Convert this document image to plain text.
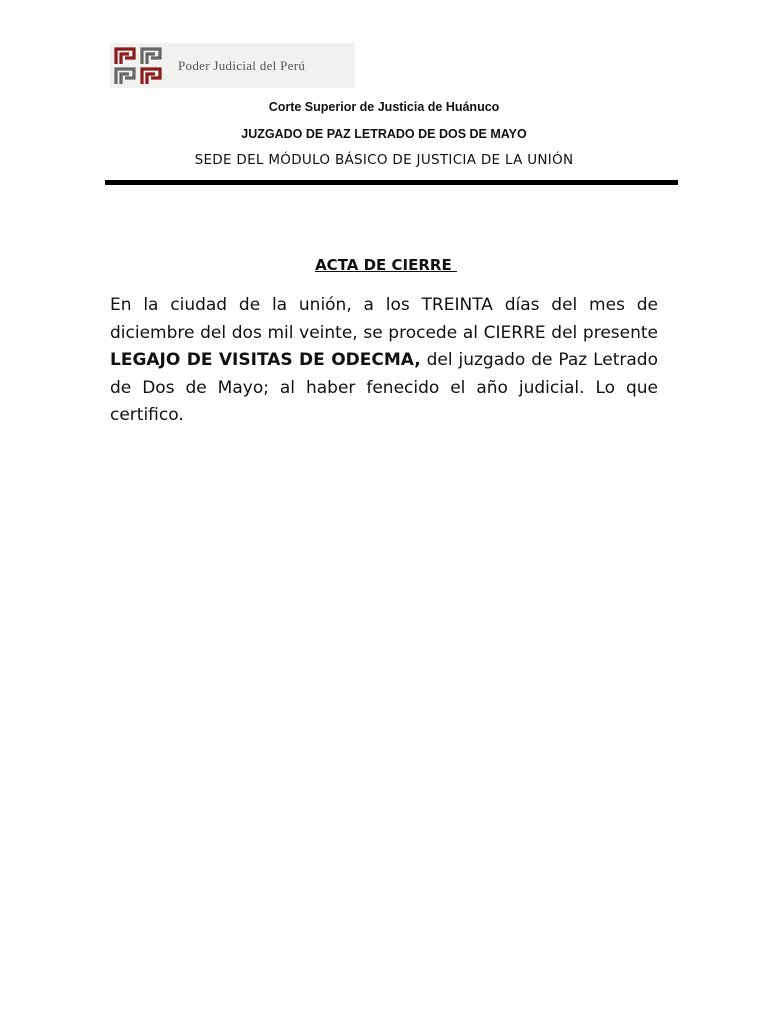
Poder Judicial del Perú
Corte Superior de Justicia de Huánuco
JUZGADO DE PAZ LETRADO DE DOS DE MAYO
SEDE DEL MÓDULO BÁSICO DE JUSTICIA DE LA UNIÓN
ACTA DE CIERRE
En la ciudad de la unión, a los TREINTA días del mes de diciembre del dos mil veinte, se procede al CIERRE del presente LEGAJO DE VISITAS DE ODECMA, del juzgado de Paz Letrado de Dos de Mayo; al haber fenecido el año judicial. Lo que certifico.
